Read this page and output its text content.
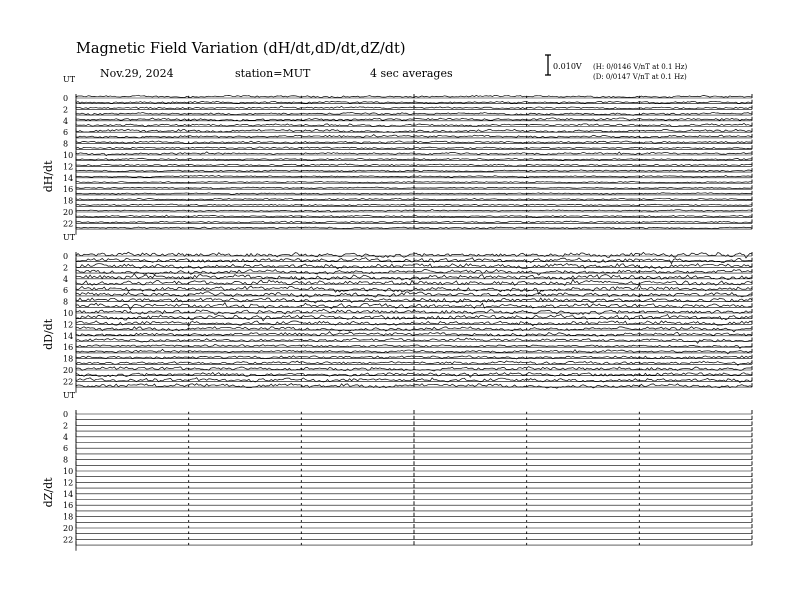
Magnetic Field Variation (dH/dt,dD/dt,dZ/dt)
Nov.29, 2024	station=MUT	4 sec averages
0.010V (H: 0/0146 V/nT at 0.1 Hz)
(D: 0/0147 V/nT at 0.1 Hz)
UT
dH/dt
0
2
4
6
8
10
12
14
16
18
20
22
UT
dD/dt
0
2
4
6
8
10
12
14
16
18
20
22
UT
dZ/dt
0
2
4
6
8
10
12
14
16
18
20
22
